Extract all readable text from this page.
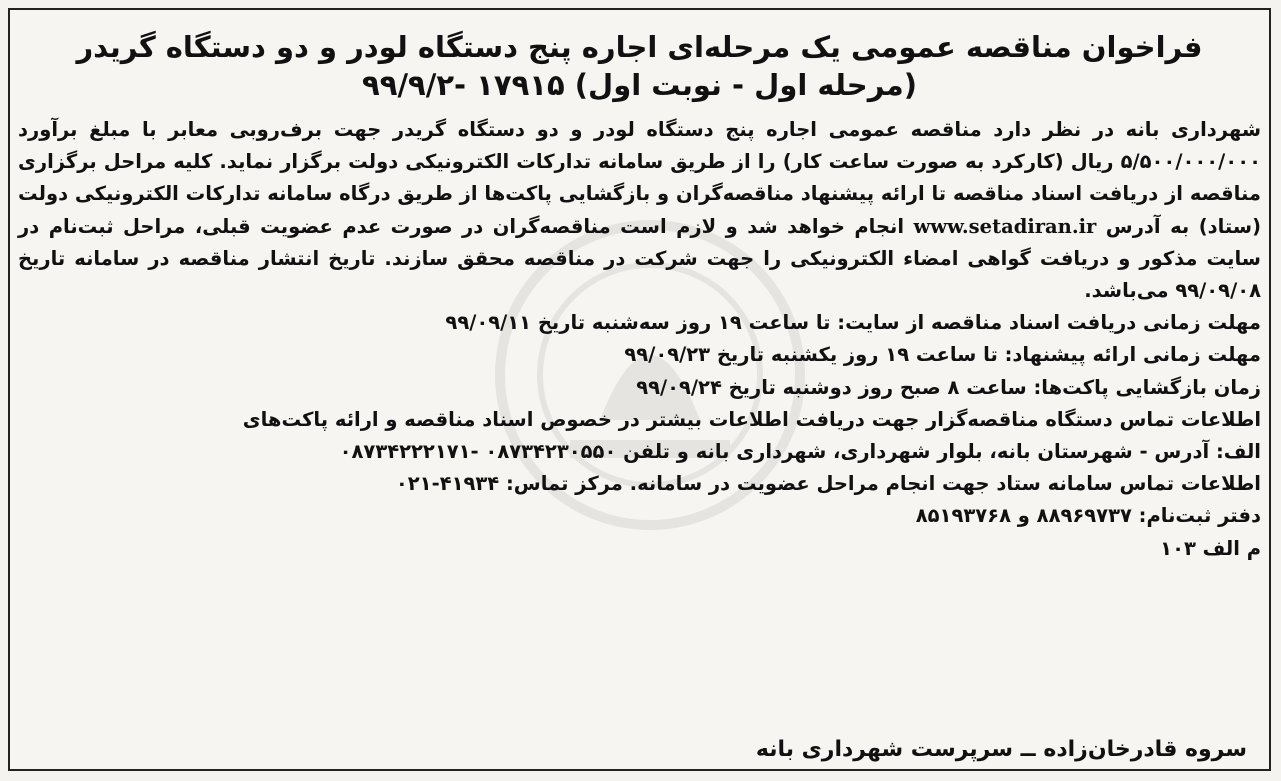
فراخوان مناقصه عمومی یک مرحله‌ای اجاره پنج دستگاه لودر و دو دستگاه گریدر

(مرحله اول - نوبت اول) ۱۷۹۱۵ -۹۹/۹/۲

شهرداری بانه در نظر دارد مناقصه عمومی اجاره پنج دستگاه لودر و دو دستگاه گریدر جهت برف‌روبی معابر با مبلغ برآورد ۵/۵۰۰/۰۰۰/۰۰۰ ریال (کارکرد به صورت ساعت کار) را از طریق سامانه تدارکات الکترونیکی دولت برگزار نماید. کلیه مراحل برگزاری مناقصه از دریافت اسناد مناقصه تا ارائه پیشنهاد مناقصه‌گران و بازگشایی پاکت‌ها از طریق درگاه سامانه تدارکات الکترونیکی دولت (ستاد) به آدرس www.setadiran.ir انجام خواهد شد و لازم است مناقصه‌گران در صورت عدم عضویت قبلی، مراحل ثبت‌نام در سایت مذکور و دریافت گواهی امضاء الکترونیکی را جهت شرکت در مناقصه محقق سازند. تاریخ انتشار مناقصه در سامانه تاریخ ۹۹/۰۹/۰۸ می‌باشد.

مهلت زمانی دریافت اسناد مناقصه از سایت: تا ساعت ۱۹ روز سه‌شنبه تاریخ ۹۹/۰۹/۱۱
مهلت زمانی ارائه پیشنهاد: تا ساعت ۱۹ روز یکشنبه تاریخ ۹۹/۰۹/۲۳
زمان بازگشایی پاکت‌ها: ساعت ۸ صبح روز دوشنبه تاریخ ۹۹/۰۹/۲۴
اطلاعات تماس دستگاه مناقصه‌گزار جهت دریافت اطلاعات بیشتر در خصوص اسناد مناقصه و ارائه پاکت‌های
الف: آدرس - شهرستان بانه، بلوار شهرداری، شهرداری بانه و تلفن ۰۸۷۳۴۲۳۰۵۵۰ -۰۸۷۳۴۲۲۲۱۷۱
اطلاعات تماس سامانه ستاد جهت انجام مراحل عضویت در سامانه. مرکز تماس: ۴۱۹۳۴-۰۲۱
دفتر ثبت‌نام: ۸۸۹۶۹۷۳۷ و ۸۵۱۹۳۷۶۸
م الف ۱۰۳
سروه قادرخان‌زاده ــ سرپرست شهرداری بانه
